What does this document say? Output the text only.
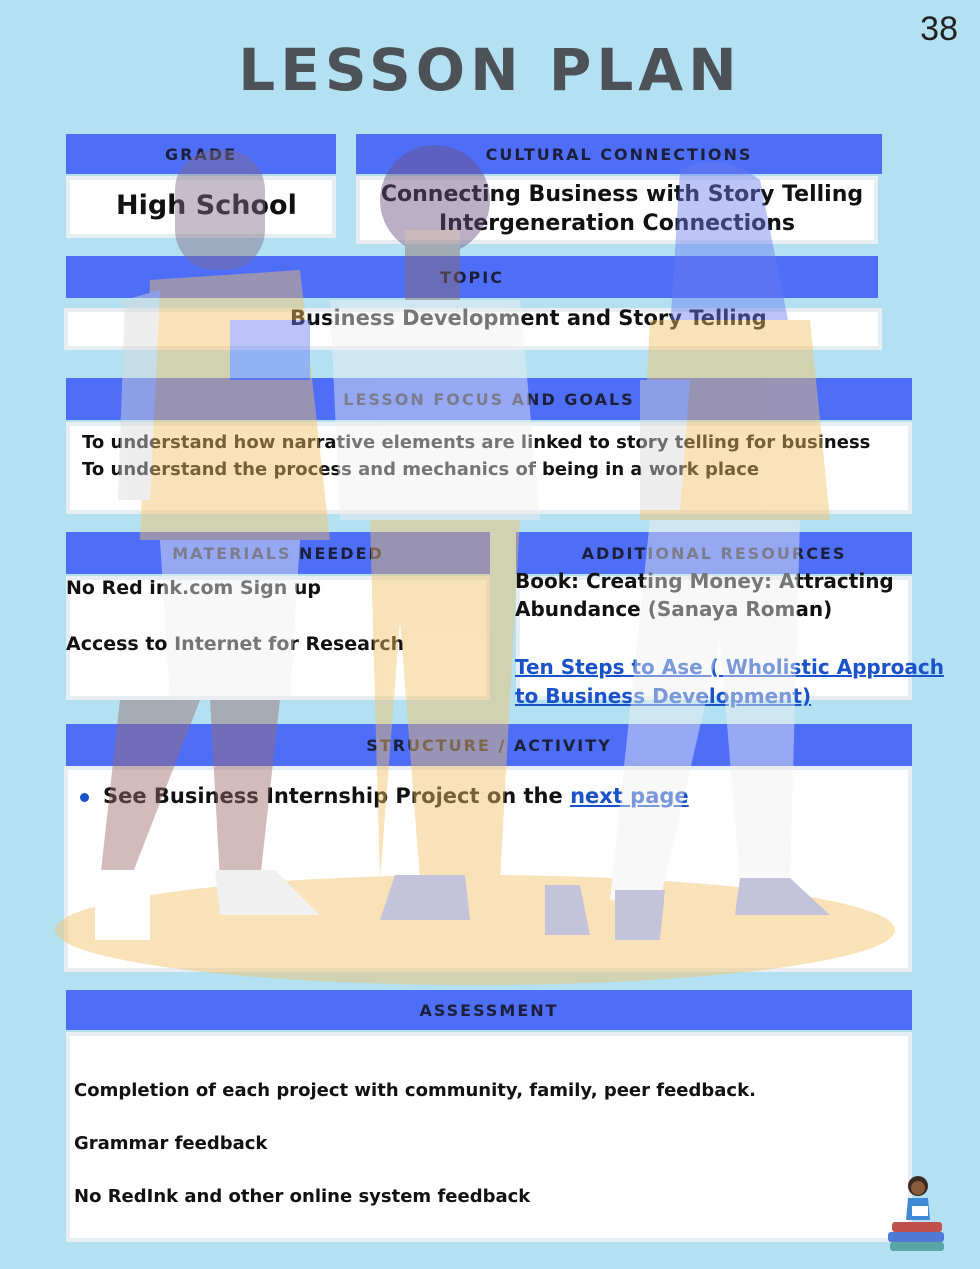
38
LESSON PLAN
GRADE
High School
CULTURAL CONNECTIONS
Connecting Business with Story Telling
Intergeneration Connections
TOPIC
Business Development and Story Telling
LESSON FOCUS AND GOALS
To understand how narrative elements are linked to story telling for business
To understand the process and mechanics of being in a work place
MATERIALS NEEDED
No Red ink.com Sign up
Access to Internet for Research
ADDITIONAL RESOURCES
Book: Creating Money: Attracting
Abundance (Sanaya Roman)
Ten Steps to Ase ( Wholistic Approach
to Business Development)
STRUCTURE / ACTIVITY
See Business Internship Project on the next page
ASSESSMENT
Completion of each project with community, family, peer feedback.
Grammar feedback
No RedInk and other online system feedback
